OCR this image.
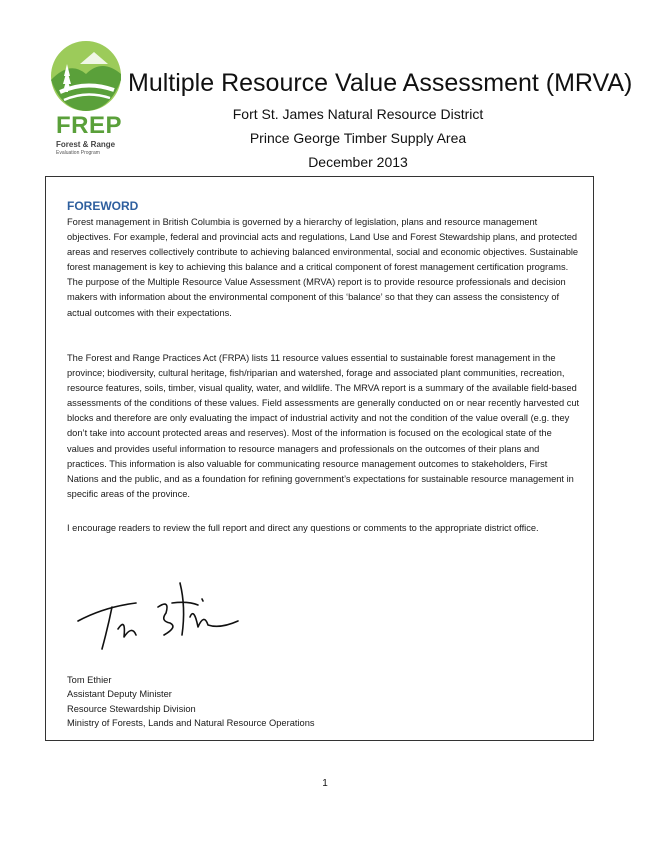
FREP
Forest & Range
Evaluation Program
Multiple Resource Value Assessment (MRVA)
Fort St. James Natural Resource District
Prince George Timber Supply Area
December 2013
FOREWORD

Forest management in British Columbia is governed by a hierarchy of legislation, plans and resource management objectives. For example, federal and provincial acts and regulations, Land Use and Forest Stewardship plans, and protected areas and reserves collectively contribute to achieving balanced environmental, social and economic objectives. Sustainable forest management is key to achieving this balance and a critical component of forest management certification programs. The purpose of the Multiple Resource Value Assessment (MRVA) report is to provide resource professionals and decision makers with information about the environmental component of this ‘balance’ so that they can assess the consistency of actual outcomes with their expectations.

The Forest and Range Practices Act (FRPA) lists 11 resource values essential to sustainable forest management in the province; biodiversity, cultural heritage, fish/riparian and watershed, forage and associated plant communities, recreation, resource features, soils, timber, visual quality, water, and wildlife. The MRVA report is a summary of the available field-based assessments of the conditions of these values. Field assessments are generally conducted on or near recently harvested cut blocks and therefore are only evaluating the impact of industrial activity and not the condition of the value overall (e.g. they don’t take into account protected areas and reserves). Most of the information is focused on the ecological state of the values and provides useful information to resource managers and professionals on the outcomes of their plans and practices. This information is also valuable for communicating resource management outcomes to stakeholders, First Nations and the public, and as a foundation for refining government’s expectations for sustainable resource management in specific areas of the province.

I encourage readers to review the full report and direct any questions or comments to the appropriate district office.

Tom Ethier
Assistant Deputy Minister
Resource Stewardship Division
Ministry of Forests, Lands and Natural Resource Operations
1
